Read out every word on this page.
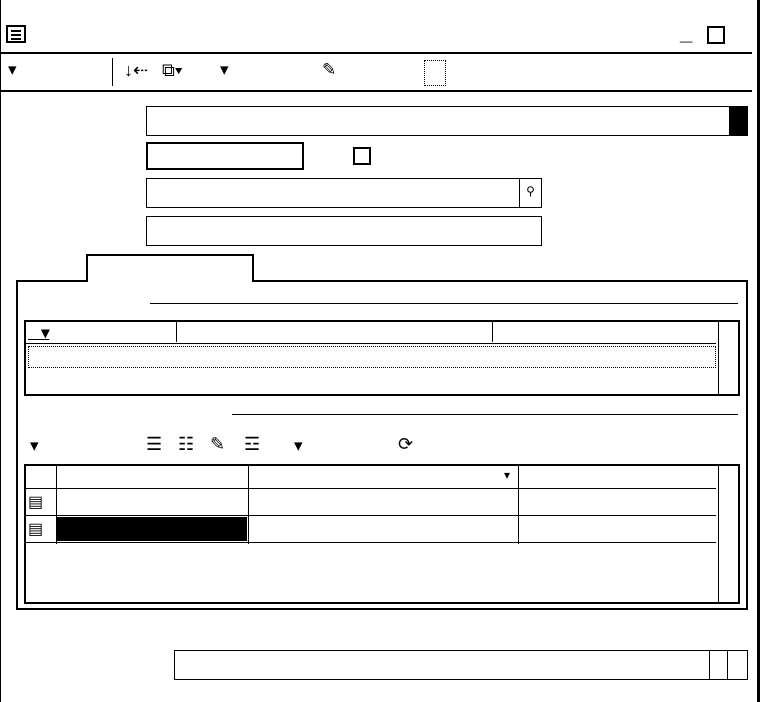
_
▾	↓⇠ ⧉▾ ▾	✎
⚲
▾
▾	☰ ☷ ✎ ☲ ▾	⟳
▾
▤
▤
